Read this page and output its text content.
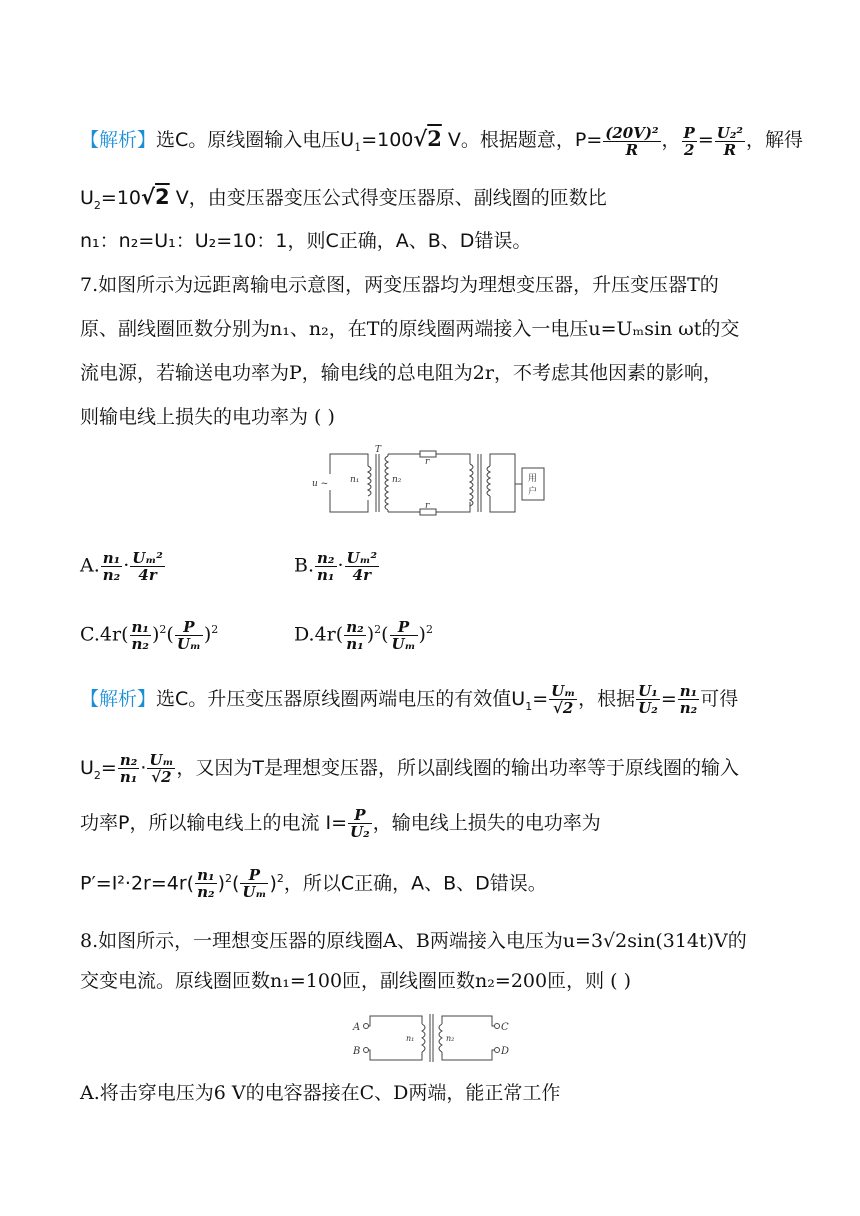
【解析】选C。原线圈输入电压$U_1=100√2$ V。根据题意，$P= \frac{\text{(20V)²}}{R}$ ， $\frac{P}{2} = \frac{\text{U₂²}}{R}$ ，解得
$U_2=10√2$ V，由变压器变压公式得变压器原、副线圈的匝数比
n₁：n₂=U₁：U₂=10：1，则C正确，A、B、D错误。
7.如图所示为远距离输电示意图，两变压器均为理想变压器，升压变压器T的
原、副线圈匝数分别为n₁、n₂，在T的原线圈两端接入一电压u=Uₘsin ωt的交
流电源，若输送电功率为P，输电线的总电阻为2r，不考虑其他因素的影响，
则输电线上损失的电功率为 ( )
T
u ~ n₁	n₂
r
r
用
户
A. $\frac{\text{n₁}}{\text{n₂}} \cdot \frac{\text{Uₘ²}}{4r}$	B. $\frac{\text{n₂}}{\text{n₁}} \cdot \frac{\text{Uₘ²}}{4r}$
$C.4r( \frac{\text{n₁}}{\text{n₂}} )^2( \frac{P}{\text{Uₘ}} )^2$	$D.4r( \frac{\text{n₂}}{\text{n₁}} )^2( \frac{P}{\text{Uₘ}} )^2$
【解析】选C。升压变压器原线圈两端电压的有效值$U_1= \frac{\text{Uₘ}}{√2}$ ，根据 $\frac{\text{U₁}}{\text{U₂}} = \frac{\text{n₁}}{\text{n₂}}$ 可得
$U_2= \frac{\text{n₂}}{\text{n₁}} \cdot \frac{\text{Uₘ}}{√2}$ ，又因为T是理想变压器，所以副线圈的输出功率等于原线圈的输入
功率P，所以输电线上的电流 $I= \frac{P}{\text{U₂}}$ ，输电线上损失的电功率为
$P'=I^2\cdot 2r=4r( \frac{\text{n₁}}{\text{n₂}} )^2( \frac{P}{\text{Uₘ}} )^2$，所以C正确，A、B、D错误。
8.如图所示，一理想变压器的原线圈A、B两端接入电压为u=3√2sin(314t)V的
交变电流。原线圈匝数n₁=100匝，副线圈匝数n₂=200匝，则 ( )
A
B
C
D
n₁	n₂
A.将击穿电压为6 V的电容器接在C、D两端，能正常工作
